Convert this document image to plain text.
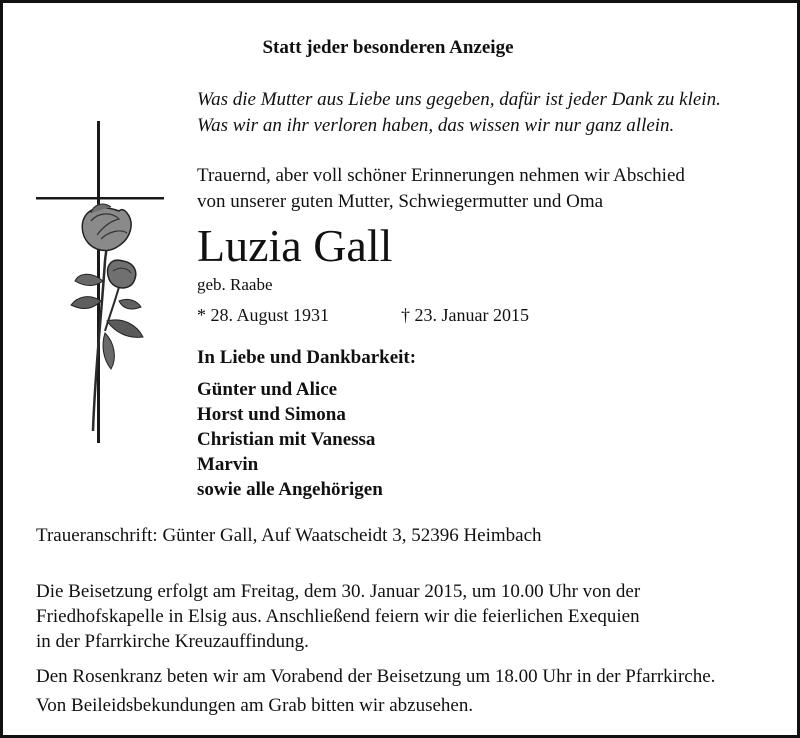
Statt jeder besonderen Anzeige
Was die Mutter aus Liebe uns gegeben, dafür ist jeder Dank zu klein.
Was wir an ihr verloren haben, das wissen wir nur ganz allein.
Trauernd, aber voll schöner Erinnerungen nehmen wir Abschied
von unserer guten Mutter, Schwiegermutter und Oma
Luzia Gall
geb. Raabe
* 28. August 1931	† 23. Januar 2015
In Liebe und Dankbarkeit:
Günter und Alice
Horst und Simona
Christian mit Vanessa
Marvin
sowie alle Angehörigen
Traueranschrift: Günter Gall, Auf Waatscheidt 3, 52396 Heimbach
Die Beisetzung erfolgt am Freitag, dem 30. Januar 2015, um 10.00 Uhr von der
Friedhofskapelle in Elsig aus. Anschließend feiern wir die feierlichen Exequien
in der Pfarrkirche Kreuzauffindung.
Den Rosenkranz beten wir am Vorabend der Beisetzung um 18.00 Uhr in der Pfarrkirche.
Von Beileidsbekundungen am Grab bitten wir abzusehen.
